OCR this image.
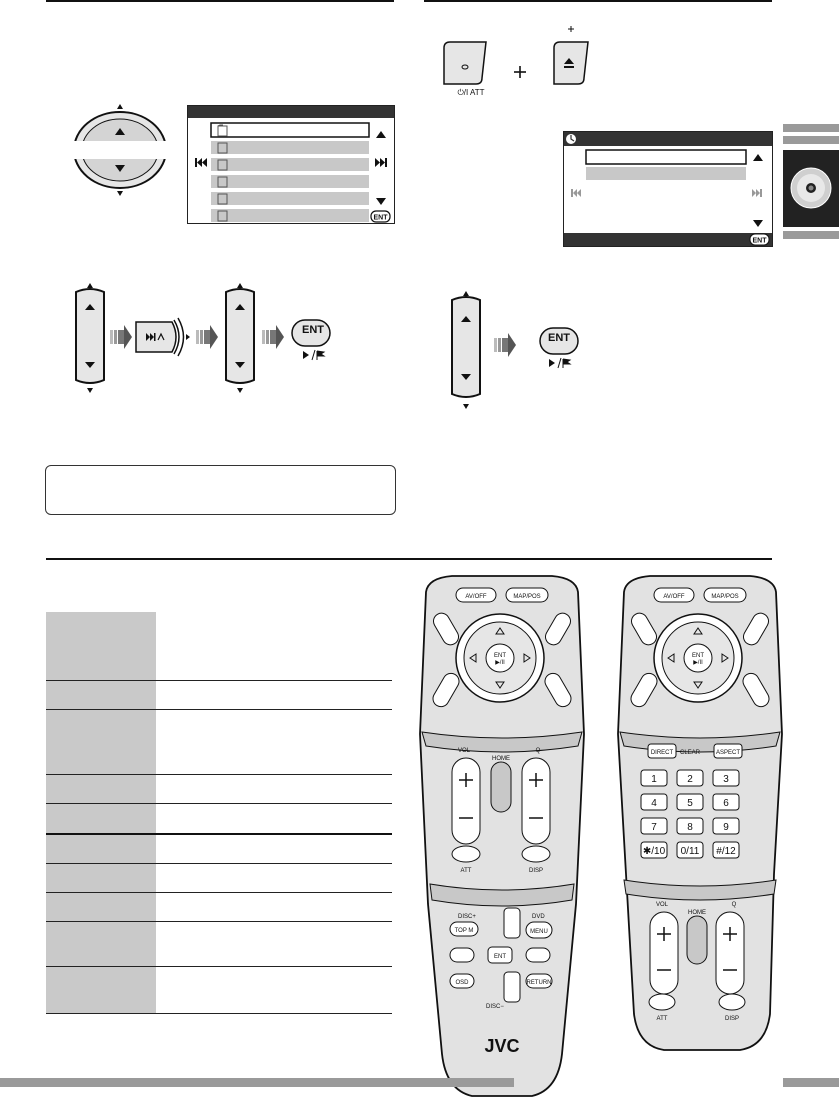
ENT
ENT
⏻/I ATT
ENT
ENT
AV/OFF	MAP/POS
ENT
▶/II
VOL	Q
HOME
ATT	DISP
DISC+	DVD
TOP M	MENU
ENT
OSD	RETURN
DISC−
JVC
AV/OFF	MAP/POS
ENT
▶/II
DIRECT CLEAR	ASPECT
1	2	3
4	5	6
7	8	9
✱/10 0/11 #/12
VOL	Q
HOME
ATT	DISP
